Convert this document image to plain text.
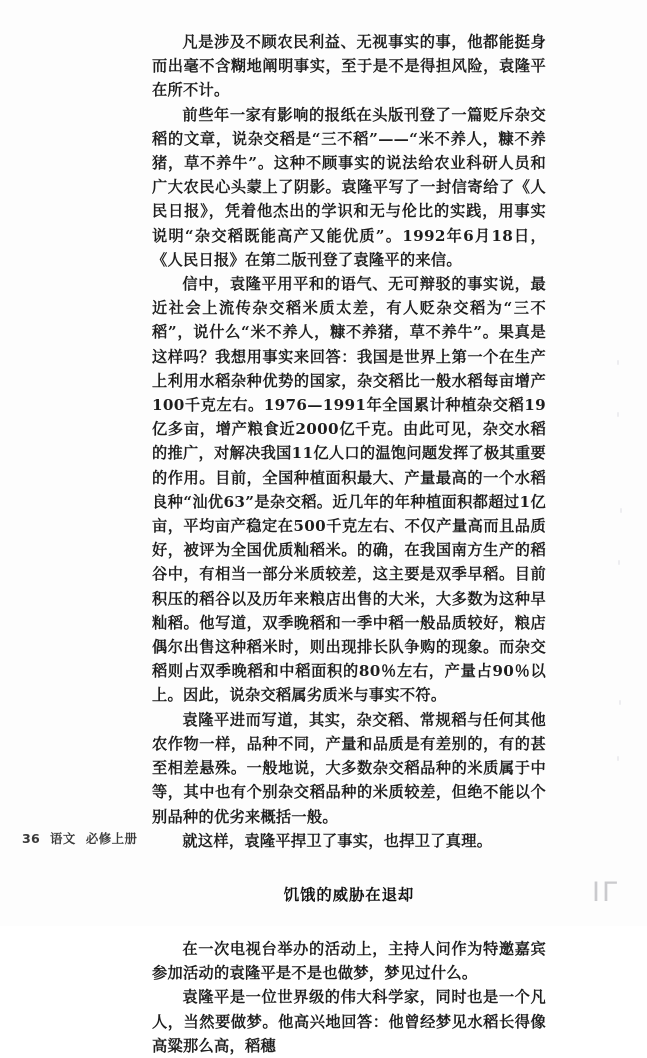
凡是涉及不顾农民利益、无视事实的事，他都能挺身而出毫不含糊地阐明事实，至于是不是得担风险，袁隆平在所不计。

前些年一家有影响的报纸在头版刊登了一篇贬斥杂交稻的文章，说杂交稻是“三不稻”——“米不养人，糠不养猪，草不养牛”。这种不顾事实的说法给农业科研人员和广大农民心头蒙上了阴影。袁隆平写了一封信寄给了《人民日报》，凭着他杰出的学识和无与伦比的实践，用事实说明“杂交稻既能高产又能优质”。1992年6月18日，《人民日报》在第二版刊登了袁隆平的来信。

信中，袁隆平用平和的语气、无可辩驳的事实说，最近社会上流传杂交稻米质太差，有人贬杂交稻为“三不稻”，说什么“米不养人，糠不养猪，草不养牛”。果真是这样吗？我想用事实来回答：我国是世界上第一个在生产上利用水稻杂种优势的国家，杂交稻比一般水稻每亩增产100千克左右。1976—1991年全国累计种植杂交稻19亿多亩，增产粮食近2000亿千克。由此可见，杂交水稻的推广，对解决我国11亿人口的温饱问题发挥了极其重要的作用。目前，全国种植面积最大、产量最高的一个水稻良种“汕优63”是杂交稻。近几年的年种植面积都超过1亿亩，平均亩产稳定在500千克左右、不仅产量高而且品质好，被评为全国优质籼稻米。的确，在我国南方生产的稻谷中，有相当一部分米质较差，这主要是双季早稻。目前积压的稻谷以及历年来粮店出售的大米，大多数为这种早籼稻。他写道，双季晚稻和一季中稻一般品质较好，粮店偶尔出售这种稻米时，则出现排长队争购的现象。而杂交稻则占双季晚稻和中稻面积的80％左右，产量占90％以上。因此，说杂交稻属劣质米与事实不符。

袁隆平进而写道，其实，杂交稻、常规稻与任何其他农作物一样，品种不同，产量和品质是有差别的，有的甚至相差悬殊。一般地说，大多数杂交稻品种的米质属于中等，其中也有个别杂交稻品种的米质较差，但绝不能以个别品种的优劣来概括一般。

就这样，袁隆平捍卫了事实，也捍卫了真理。

饥饿的威胁在退却

在一次电视台举办的活动上，主持人问作为特邀嘉宾参加活动的袁隆平是不是也做梦，梦见过什么。

袁隆平是一位世界级的伟大科学家，同时也是一个凡人，当然要做梦。他高兴地回答：他曾经梦见水稻长得像高粱那么高，稻穗

36 语文 必修上册
ΙΓ
